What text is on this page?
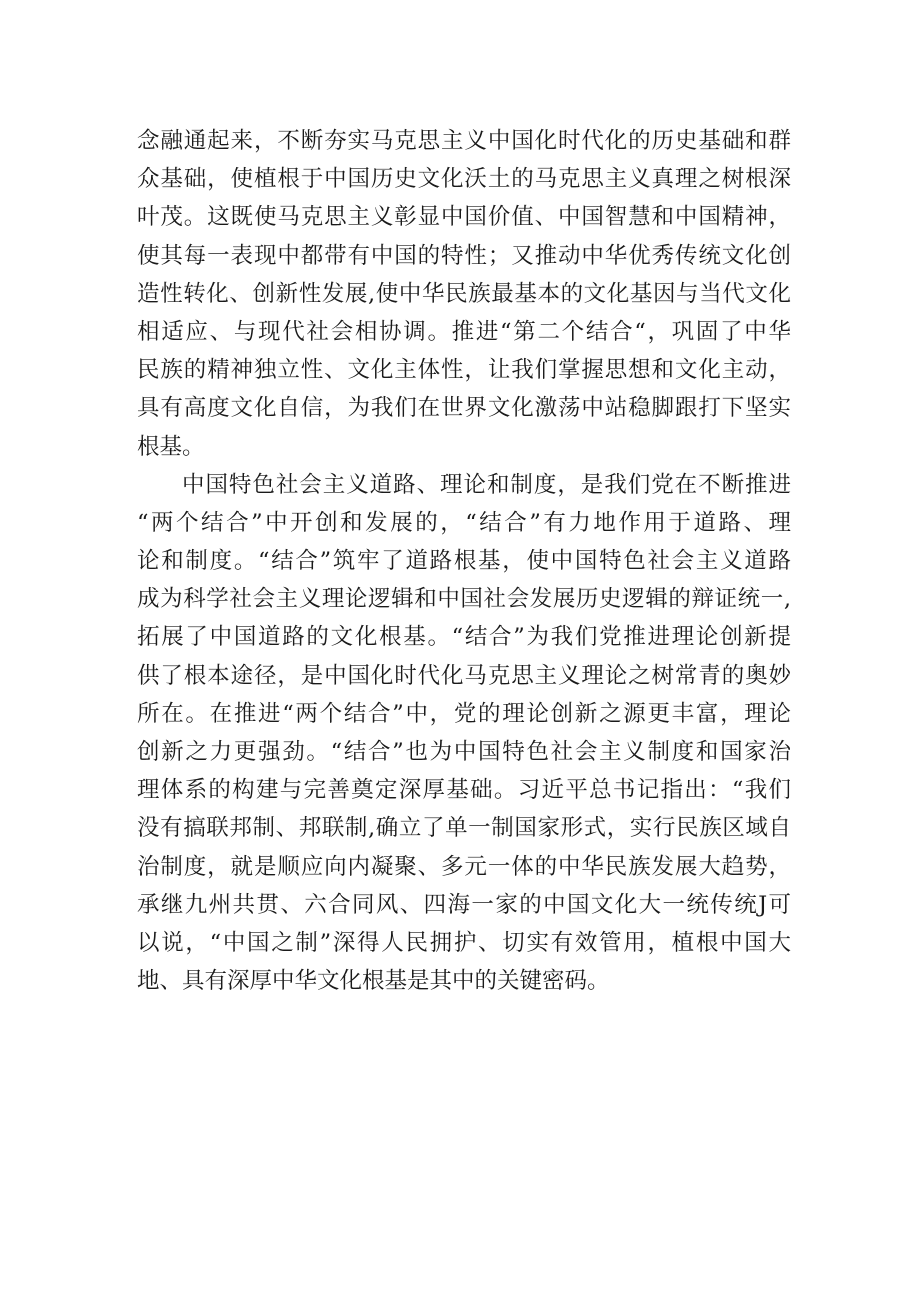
念融通起来，不断夯实马克思主义中国化时代化的历史基础和群
众基础，使植根于中国历史文化沃土的马克思主义真理之树根深
叶茂。这既使马克思主义彰显中国价值、中国智慧和中国精神，
使其每一表现中都带有中国的特性；又推动中华优秀传统文化创
造性转化、创新性发展,使中华民族最基本的文化基因与当代文化
相适应、与现代社会相协调。推进“第二个结合“，巩固了中华
民族的精神独立性、文化主体性，让我们掌握思想和文化主动，
具有高度文化自信，为我们在世界文化激荡中站稳脚跟打下坚实
根基。
中国特色社会主义道路、理论和制度，是我们党在不断推进
“两个结合”中开创和发展的，“结合”有力地作用于道路、理
论和制度。“结合”筑牢了道路根基，使中国特色社会主义道路
成为科学社会主义理论逻辑和中国社会发展历史逻辑的辩证统一,
拓展了中国道路的文化根基。“结合”为我们党推进理论创新提
供了根本途径，是中国化时代化马克思主义理论之树常青的奥妙
所在。在推进“两个结合”中，党的理论创新之源更丰富，理论
创新之力更强劲。“结合”也为中国特色社会主义制度和国家治
理体系的构建与完善奠定深厚基础。习近平总书记指出：“我们
没有搞联邦制、邦联制,确立了单一制国家形式，实行民族区域自
治制度，就是顺应向内凝聚、多元一体的中华民族发展大趋势，
承继九州共贯、六合同风、四海一家的中国文化大一统传统J可
以说，“中国之制”深得人民拥护、切实有效管用，植根中国大
地、具有深厚中华文化根基是其中的关键密码。
